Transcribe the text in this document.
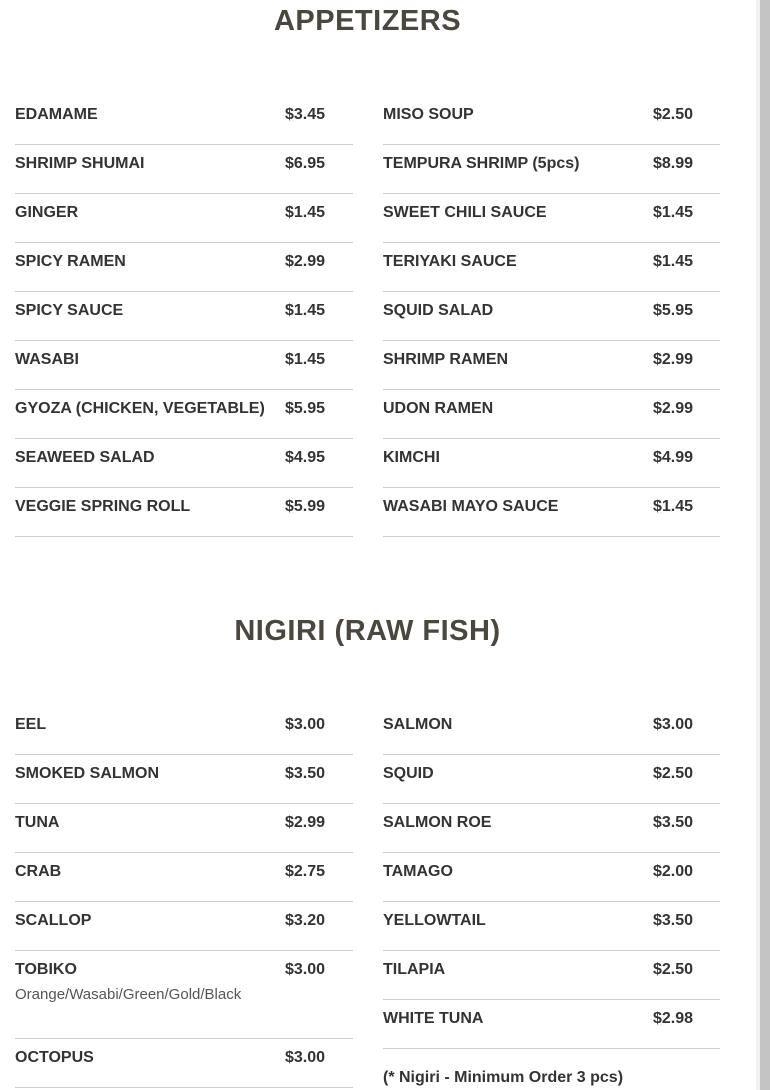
APPETIZERS
EDAMAME	$3.45
SHRIMP SHUMAI	$6.95
GINGER	$1.45
SPICY RAMEN	$2.99
SPICY SAUCE	$1.45
WASABI	$1.45
GYOZA (CHICKEN, VEGETABLE) $5.95
SEAWEED SALAD	$4.95
VEGGIE SPRING ROLL	$5.99
MISO SOUP	$2.50
TEMPURA SHRIMP (5pcs)	$8.99
SWEET CHILI SAUCE	$1.45
TERIYAKI SAUCE	$1.45
SQUID SALAD	$5.95
SHRIMP RAMEN	$2.99
UDON RAMEN	$2.99
KIMCHI	$4.99
WASABI MAYO SAUCE	$1.45
NIGIRI (RAW FISH)
EEL	$3.00
SMOKED SALMON	$3.50
TUNA	$2.99
CRAB	$2.75
SCALLOP	$3.20
TOBIKO	$3.00
Orange/Wasabi/Green/Gold/Black
OCTOPUS	$3.00
SALMON	$3.00
SQUID	$2.50
SALMON ROE	$3.50
TAMAGO	$2.00
YELLOWTAIL	$3.50
TILAPIA	$2.50
WHITE TUNA	$2.98
(* Nigiri - Minimum Order 3 pcs)
